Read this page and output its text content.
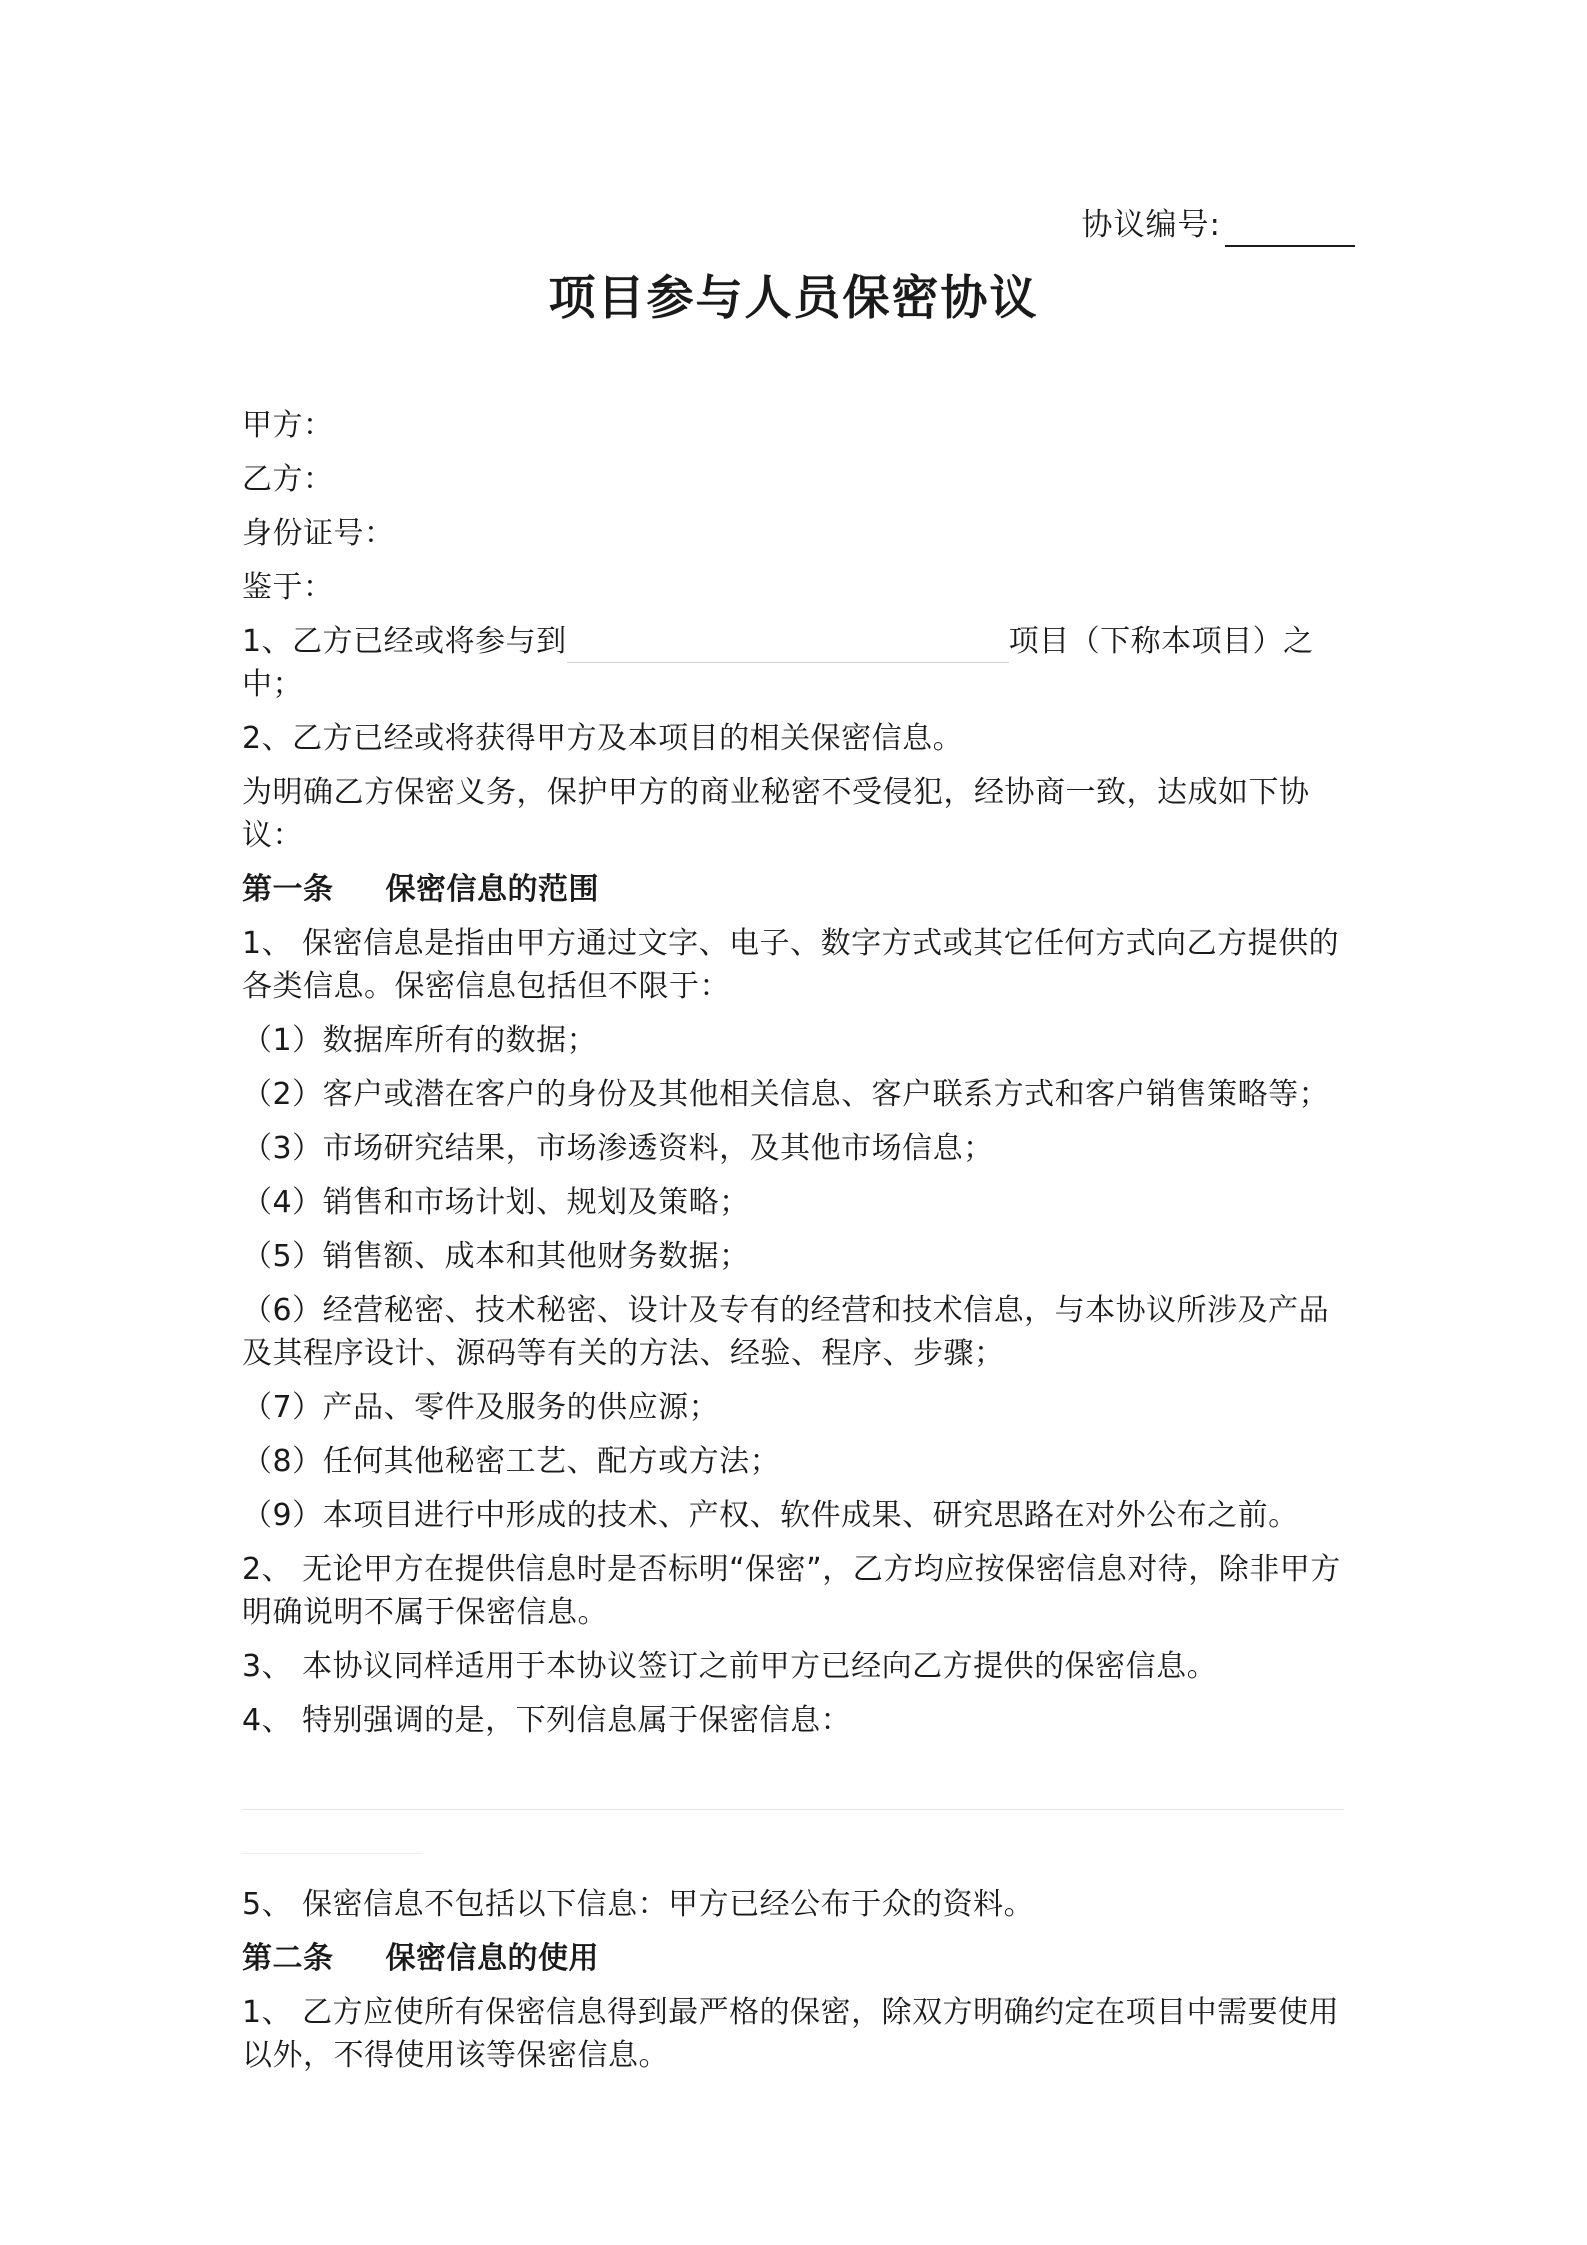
协议编号:
项目参与人员保密协议

甲方：

乙方：

身份证号：

鉴于：

1、乙方已经或将参与到	项目（下称本项目）之中；

2、乙方已经或将获得甲方及本项目的相关保密信息。

为明确乙方保密义务，保护甲方的商业秘密不受侵犯，经协商一致，达成如下协议：

第一条 保密信息的范围

1、 保密信息是指由甲方通过文字、电子、数字方式或其它任何方式向乙方提供的各类信息。保密信息包括但不限于：

（1）数据库所有的数据；

（2）客户或潜在客户的身份及其他相关信息、客户联系方式和客户销售策略等；

（3）市场研究结果，市场渗透资料，及其他市场信息；

（4）销售和市场计划、规划及策略；

（5）销售额、成本和其他财务数据；

（6）经营秘密、技术秘密、设计及专有的经营和技术信息，与本协议所涉及产品及其程序设计、源码等有关的方法、经验、程序、步骤；

（7）产品、零件及服务的供应源；

（8）任何其他秘密工艺、配方或方法；

（9）本项目进行中形成的技术、产权、软件成果、研究思路在对外公布之前。

2、 无论甲方在提供信息时是否标明“保密”，乙方均应按保密信息对待，除非甲方明确说明不属于保密信息。

3、 本协议同样适用于本协议签订之前甲方已经向乙方提供的保密信息。

4、 特别强调的是，下列信息属于保密信息：

5、 保密信息不包括以下信息：甲方已经公布于众的资料。

第二条 保密信息的使用

1、 乙方应使所有保密信息得到最严格的保密，除双方明确约定在项目中需要使用以外，不得使用该等保密信息。
